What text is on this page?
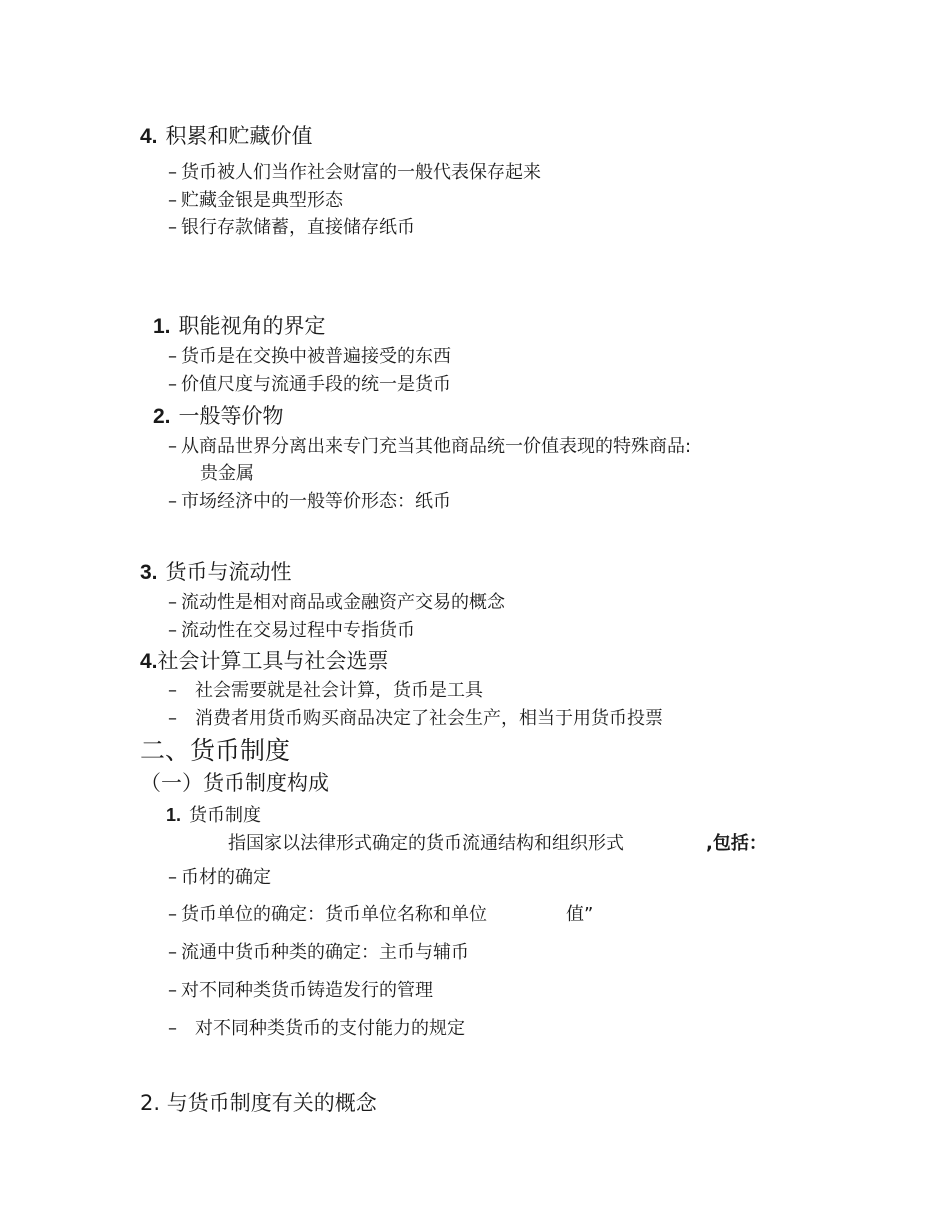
4. 积累和贮藏价值
– 货币被人们当作社会财富的一般代表保存起来
– 贮藏金银是典型形态
– 银行存款储蓄，直接储存纸币
1. 职能视角的界定
– 货币是在交换中被普遍接受的东西
– 价值尺度与流通手段的统一是货币
2. 一般等价物
– 从商品世界分离出来专门充当其他商品统一价值表现的特殊商品:
贵金属
– 市场经济中的一般等价形态：纸币
3. 货币与流动性
– 流动性是相对商品或金融资产交易的概念
– 流动性在交易过程中专指货币
4.社会计算工具与社会选票
– 社会需要就是社会计算，货币是工具
– 消费者用货币购买商品决定了社会生产，相当于用货币投票
二、货币制度
（一）货币制度构成
1. 货币制度
指国家以法律形式确定的货币流通结构和组织形式	,包括：
– 币材的确定
– 货币单位的确定：货币单位名称和单位	值”
– 流通中货币种类的确定：主币与辅币
– 对不同种类货币铸造发行的管理
– 对不同种类货币的支付能力的规定
2. 与货币制度有关的概念
